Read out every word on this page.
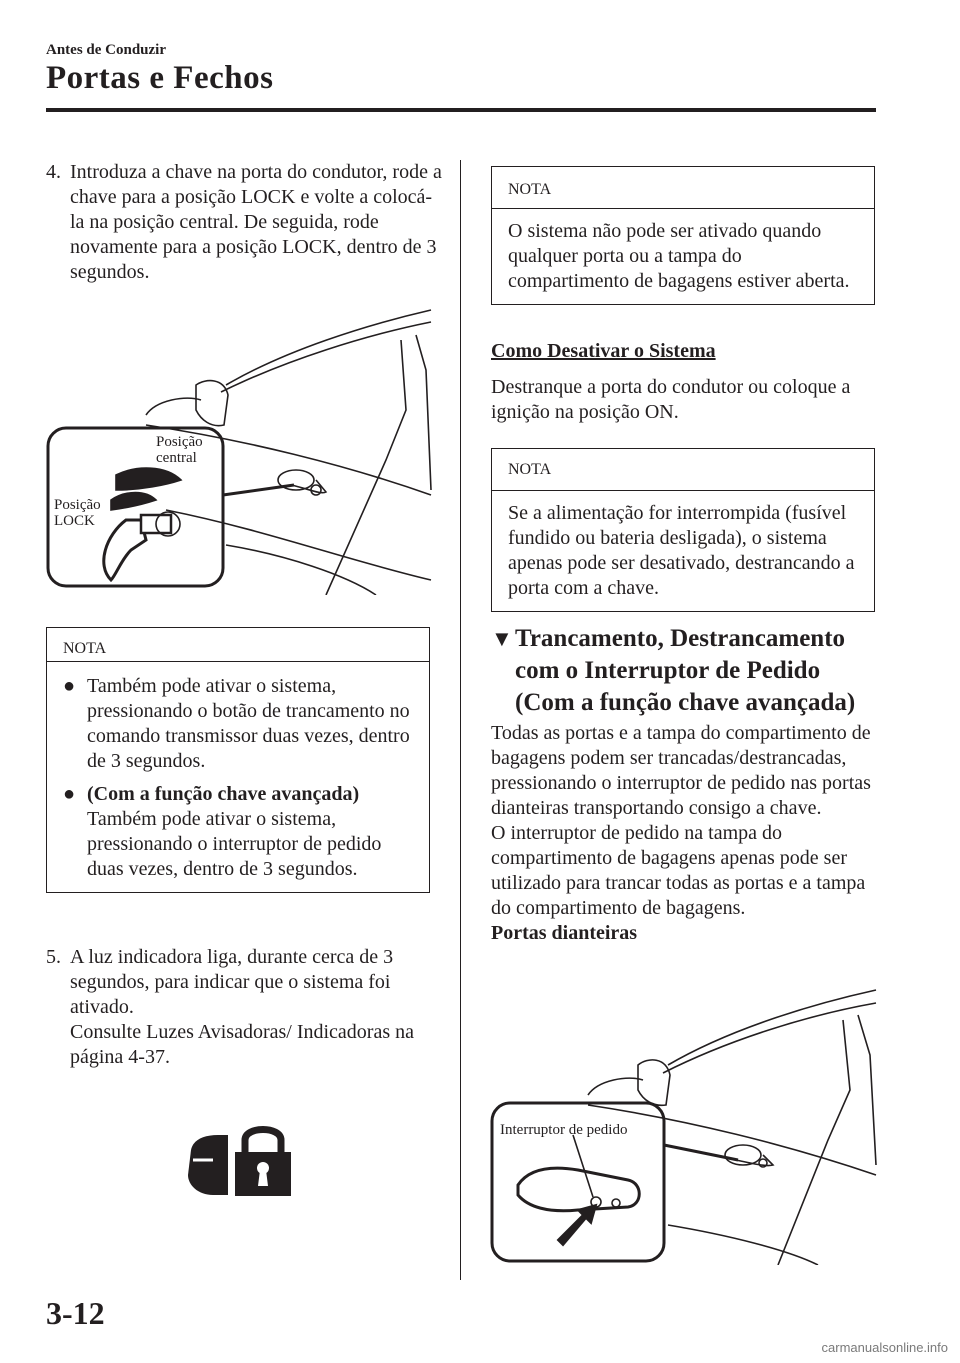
Antes de Conduzir
Portas e Fechos
4. Introduza a chave na porta do condutor, rode a chave para a posição LOCK e volte a colocá-la na posição central. De seguida, rode novamente para a posição LOCK, dentro de 3 segundos.
Posição
central
Posição
LOCK
NOTA
● Também pode ativar o sistema, pressionando o botão de trancamento no comando transmissor duas vezes, dentro de 3 segundos.
● (Com a função chave avançada)
Também pode ativar o sistema, pressionando o interruptor de pedido duas vezes, dentro de 3 segundos.
5. A luz indicadora liga, durante cerca de 3 segundos, para indicar que o sistema foi ativado.
Consulte Luzes Avisadoras/ Indicadoras na página 4-37.
NOTA
O sistema não pode ser ativado quando qualquer porta ou a tampa do compartimento de bagagens estiver aberta.
Como Desativar o Sistema
Destranque a porta do condutor ou coloque a ignição na posição ON.
NOTA
Se a alimentação for interrompida (fusível fundido ou bateria desligada), o sistema apenas pode ser desativado, destrancando a porta com a chave.
▼ Trancamento, Destrancamento
com o Interruptor de Pedido
(Com a função chave avançada)
Todas as portas e a tampa do compartimento de bagagens podem ser trancadas/destrancadas, pressionando o interruptor de pedido nas portas dianteiras transportando consigo a chave.
O interruptor de pedido na tampa do compartimento de bagagens apenas pode ser utilizado para trancar todas as portas e a tampa do compartimento de bagagens.
Portas dianteiras
Interruptor de pedido
3-12
carmanualsonline.info
